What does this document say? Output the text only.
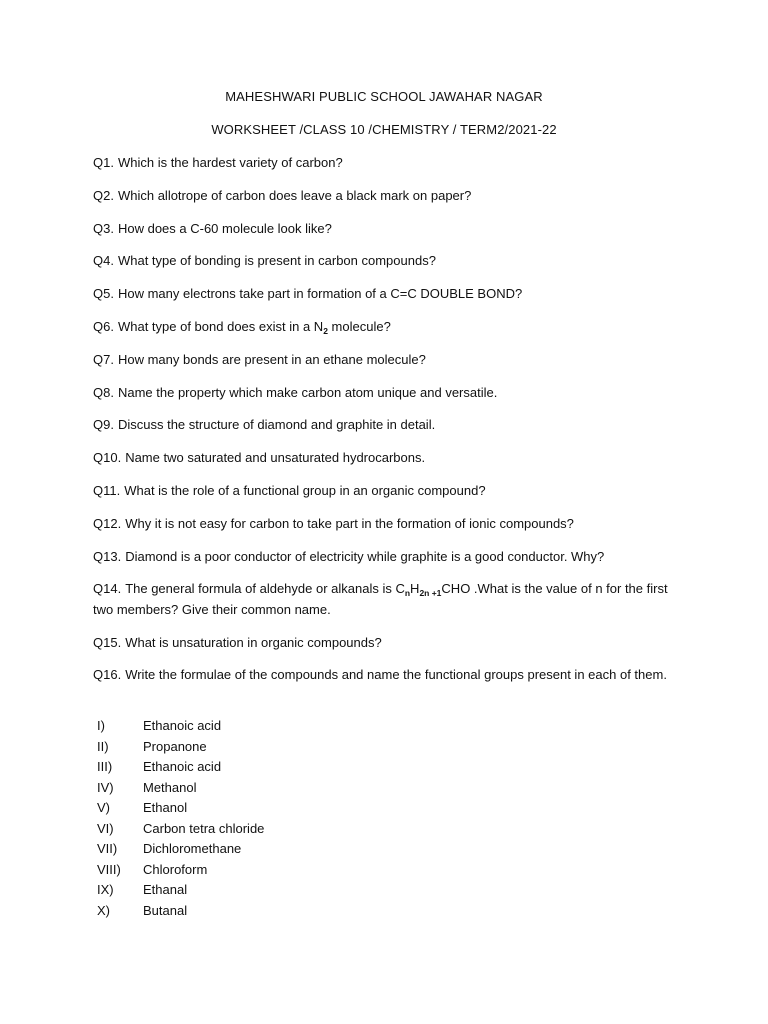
MAHESHWARI PUBLIC SCHOOL JAWAHAR NAGAR
WORKSHEET /CLASS 10 /CHEMISTRY / TERM2/2021-22

Q1. Which is the hardest variety of carbon?

Q2. Which allotrope of carbon does leave a black mark on paper?

Q3. How does a C-60 molecule look like?

Q4. What type of bonding is present in carbon compounds?

Q5. How many electrons take part in formation of a C=C DOUBLE BOND?

Q6. What type of bond does exist in a $N_2$ molecule?

Q7. How many bonds are present in an ethane molecule?

Q8. Name the property which make carbon atom unique and versatile.

Q9. Discuss the structure of diamond and graphite in detail.

Q10. Name two saturated and unsaturated hydrocarbons.

Q11. What is the role of a functional group in an organic compound?

Q12. Why it is not easy for carbon to take part in the formation of ionic compounds?

Q13. Diamond is a poor conductor of electricity while graphite is a good conductor. Why?

Q14. The general formula of aldehyde or alkanals is $C_nH_{2n +1}CHO$ .What is the value of n for the first two members? Give their common name.

Q15. What is unsaturation in organic compounds?

Q16. Write the formulae of the compounds and name the functional groups present in each of them.

I)	Ethanoic acid
II)	Propanone
III)	Ethanoic acid
IV)	Methanol
V)	Ethanol
VI)	Carbon tetra chloride
VII)	Dichloromethane
VIII)	Chloroform
IX)	Ethanal
X)	Butanal
